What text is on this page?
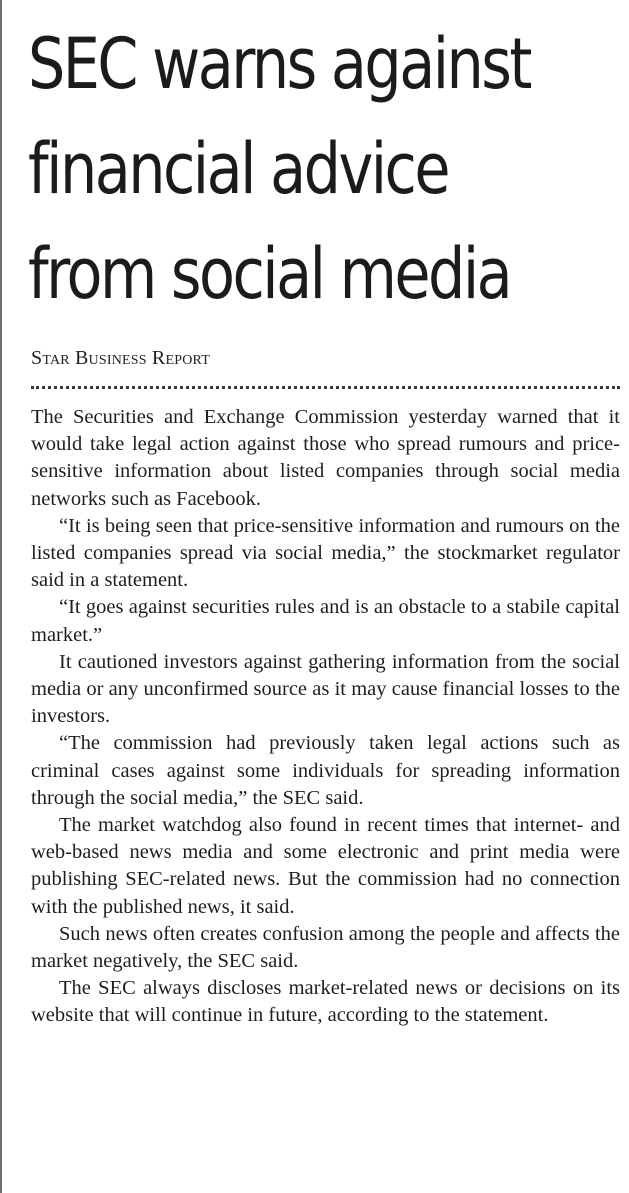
SEC warns against
financial advice
from social media
Star Business Report

The Securities and Exchange Commission yesterday warned that it would take legal action against those who spread rumours and price-sensitive information about listed companies through social media networks such as Facebook.

“It is being seen that price-sensitive information and rumours on the listed companies spread via social media,” the stockmarket regulator said in a statement.

“It goes against securities rules and is an obstacle to a stabile capital market.”

It cautioned investors against gathering information from the social media or any unconfirmed source as it may cause financial losses to the investors.

“The commission had previously taken legal actions such as criminal cases against some individuals for spreading information through the social media,” the SEC said.

The market watchdog also found in recent times that internet- and web-based news media and some electronic and print media were publishing SEC-related news. But the commission had no connection with the published news, it said.

Such news often creates confusion among the people and affects the market negatively, the SEC said.

The SEC always discloses market-related news or decisions on its website that will continue in future, according to the statement.
